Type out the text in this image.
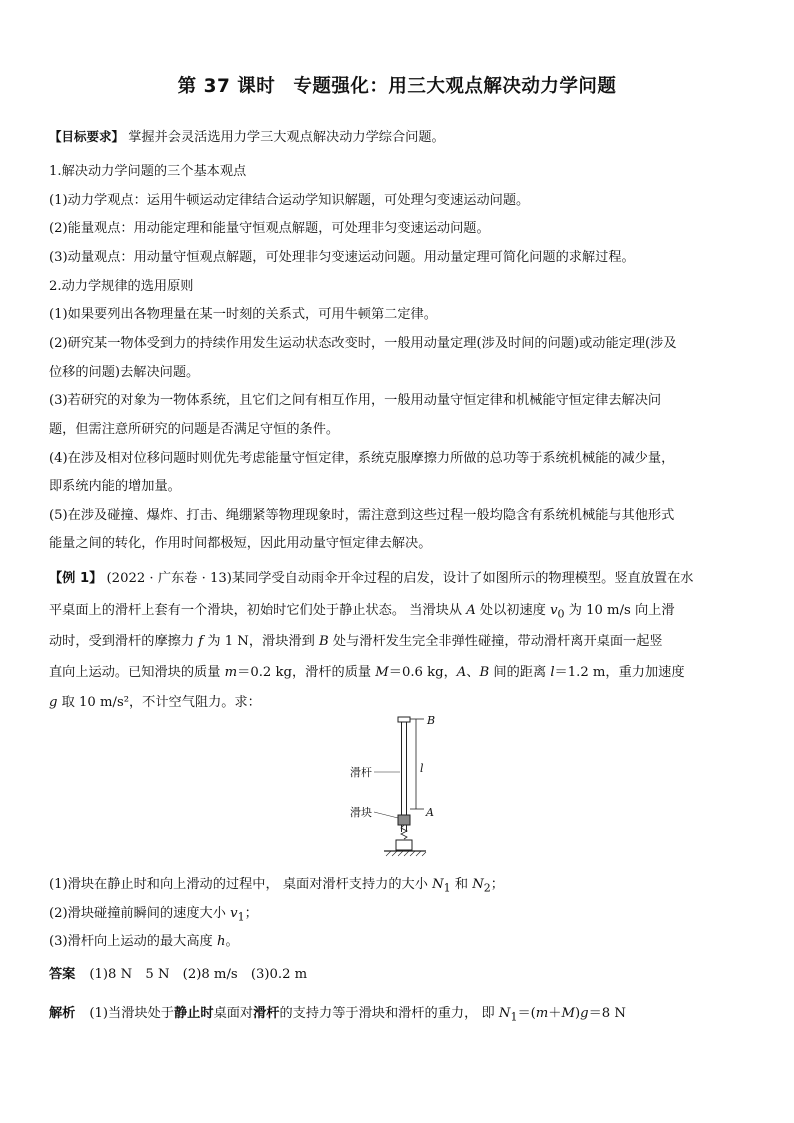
第 37 课时 专题强化：用三大观点解决动力学问题
【目标要求】 掌握并会灵活选用力学三大观点解决动力学综合问题。
1.解决动力学问题的三个基本观点
(1)动力学观点：运用牛顿运动定律结合运动学知识解题，可处理匀变速运动问题。
(2)能量观点：用动能定理和能量守恒观点解题，可处理非匀变速运动问题。
(3)动量观点：用动量守恒观点解题，可处理非匀变速运动问题。用动量定理可简化问题的求解过程。
2.动力学规律的选用原则
(1)如果要列出各物理量在某一时刻的关系式，可用牛顿第二定律。
(2)研究某一物体受到力的持续作用发生运动状态改变时，一般用动量定理(涉及时间的问题)或动能定理(涉及
位移的问题)去解决问题。
(3)若研究的对象为一物体系统，且它们之间有相互作用，一般用动量守恒定律和机械能守恒定律去解决问
题，但需注意所研究的问题是否满足守恒的条件。
(4)在涉及相对位移问题时则优先考虑能量守恒定律，系统克服摩擦力所做的总功等于系统机械能的减少量，
即系统内能的增加量。
(5)在涉及碰撞、爆炸、打击、绳绷紧等物理现象时，需注意到这些过程一般均隐含有系统机械能与其他形式
能量之间的转化，作用时间都极短，因此用动量守恒定律去解决。
【例 1】 (2022 · 广东卷 · 13)某同学受自动雨伞开伞过程的启发，设计了如图所示的物理模型。竖直放置在水
平桌面上的滑杆上套有一个滑块，初始时它们处于静止状态。 当滑块从 A 处以初速度 $v_0$ 为 10 m/s 向上滑
动时，受到滑杆的摩擦力 f 为 1 N，滑块滑到 B 处与滑杆发生完全非弹性碰撞，带动滑杆离开桌面一起竖
直向上运动。已知滑块的质量 m＝0.2 kg，滑杆的质量 M＝0.6 kg，A、B 间的距离 l＝1.2 m，重力加速度
g 取 10 m/s²，不计空气阻力。求：
B
l
A
滑杆
滑块
(1)滑块在静止时和向上滑动的过程中， 桌面对滑杆支持力的大小 $N_1$ 和 $N_2$；
(2)滑块碰撞前瞬间的速度大小 $v_1$；
(3)滑杆向上运动的最大高度 h。
答案 (1)8 N　5 N　(2)8 m/s　(3)0.2 m
解析 (1)当滑块处于静止时桌面对滑杆的支持力等于滑块和滑杆的重力， 即 $N_1=(m+M)g=8$ N
